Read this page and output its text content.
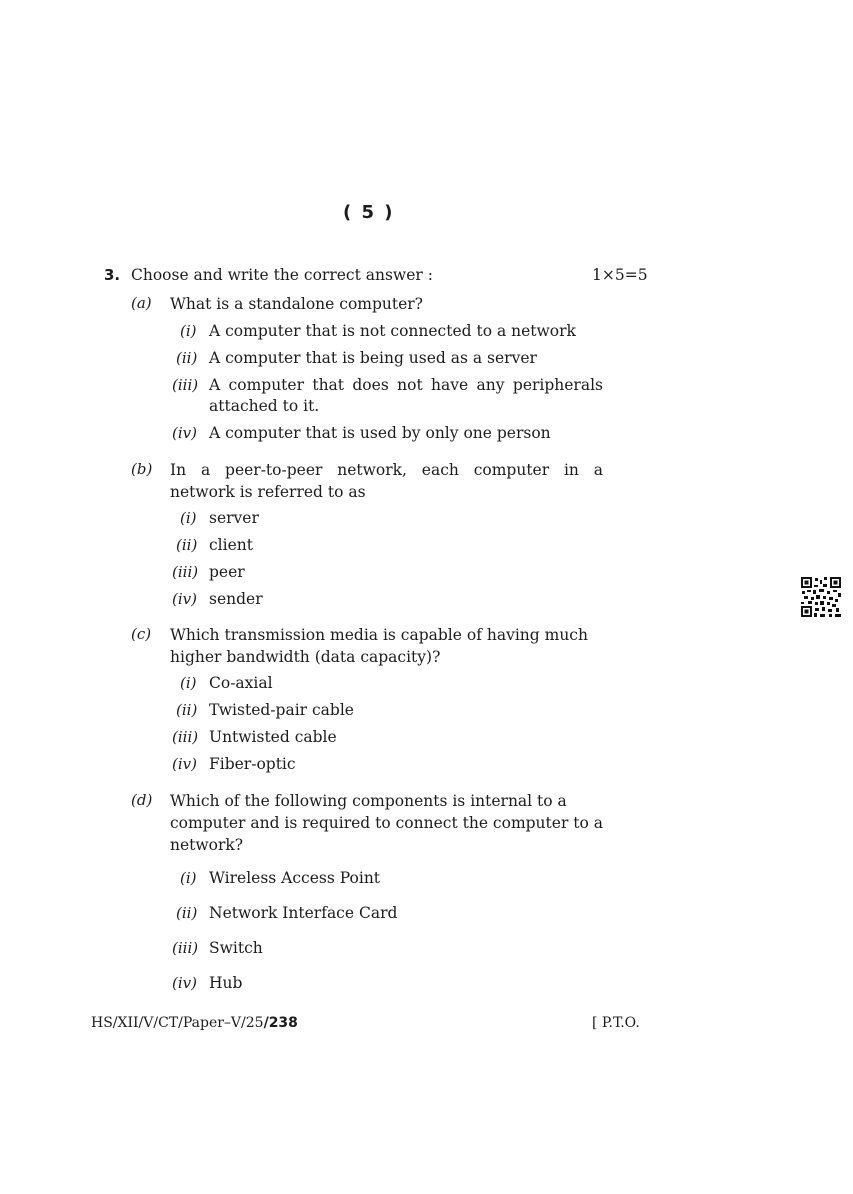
( 5 )
3. Choose and write the correct answer :	1×5=5
(a) What is a standalone computer?
(i) A computer that is not connected to a network
(ii) A computer that is being used as a server
(iii) A computer that does not have any peripherals attached to it.
(iv) A computer that is used by only one person
(b) In a peer-to-peer network, each computer in a network is referred to as
(i) server
(ii) client
(iii) peer
(iv) sender
(c) Which transmission media is capable of having much higher bandwidth (data capacity)?
(i) Co-axial
(ii) Twisted-pair cable
(iii) Untwisted cable
(iv) Fiber-optic
(d) Which of the following components is internal to a computer and is required to connect the computer to a network?
(i) Wireless Access Point
(ii) Network Interface Card
(iii) Switch
(iv) Hub
HS/XII/V/CT/Paper–V/25/238	[ P.T.O.
